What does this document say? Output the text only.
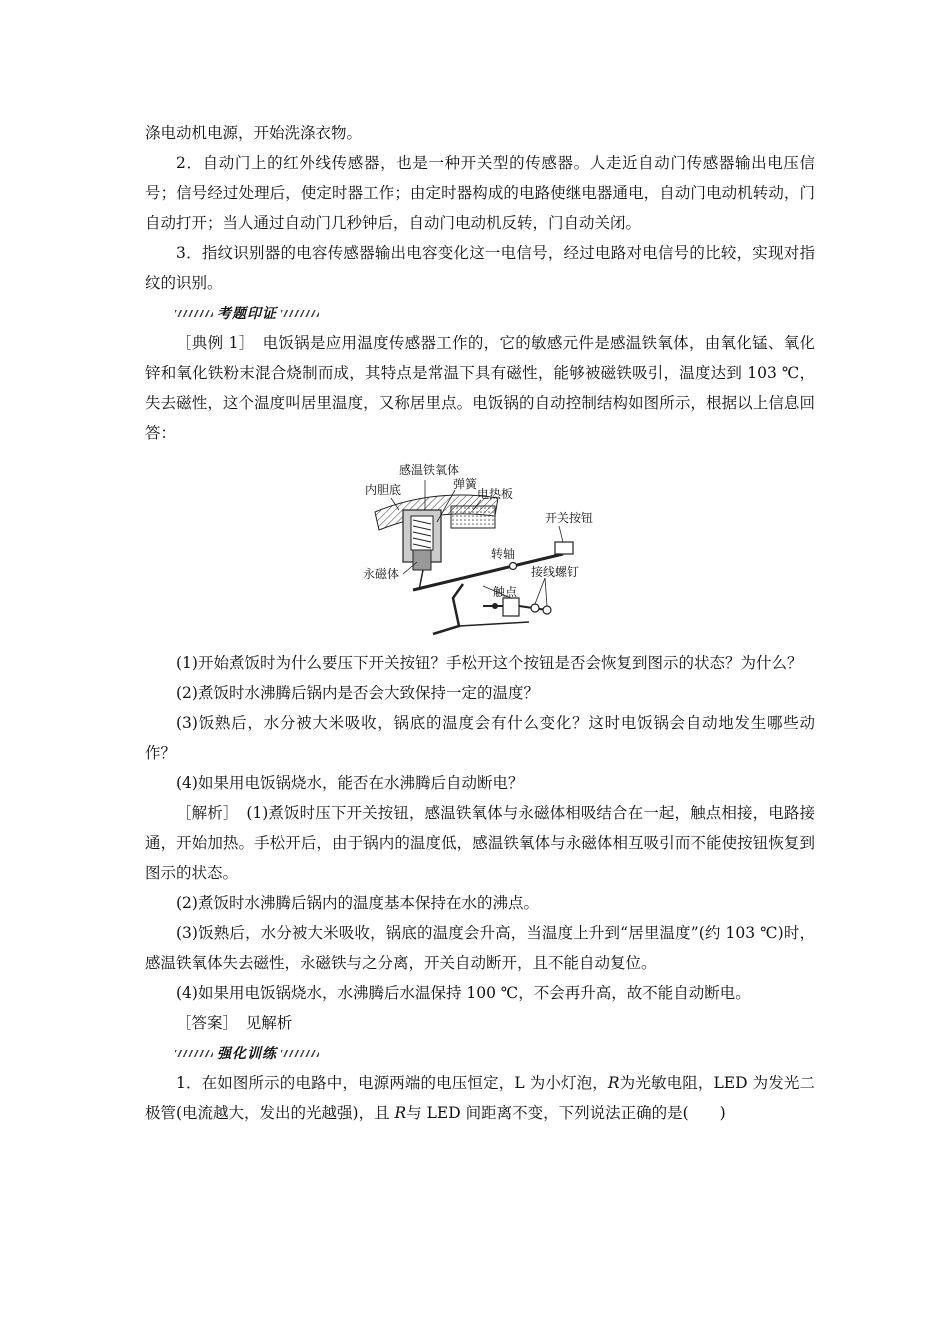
涤电动机电源，开始洗涤衣物。

2．自动门上的红外线传感器，也是一种开关型的传感器。人走近自动门传感器输出电压信号；信号经过处理后，使定时器工作；由定时器构成的电路使继电器通电，自动门电动机转动，门自动打开；当人通过自动门几秒钟后，自动门电动机反转，门自动关闭。

3．指纹识别器的电容传感器输出电容变化这一电信号，经过电路对电信号的比较，实现对指纹的识别。

考题印证

［典例 1］　电饭锅是应用温度传感器工作的，它的敏感元件是感温铁氧体，由氧化锰、氧化锌和氧化铁粉末混合烧制而成，其特点是常温下具有磁性，能够被磁铁吸引，温度达到 103 ℃，失去磁性，这个温度叫居里温度，又称居里点。电饭锅的自动控制结构如图所示，根据以上信息回答：

感温铁氧体
内胆底	弹簧
电热板
开关按钮
转轴
永磁体
触点
接线螺钉

(1)开始煮饭时为什么要压下开关按钮？手松开这个按钮是否会恢复到图示的状态？为什么？

(2)煮饭时水沸腾后锅内是否会大致保持一定的温度？

(3)饭熟后，水分被大米吸收，锅底的温度会有什么变化？这时电饭锅会自动地发生哪些动作？

(4)如果用电饭锅烧水，能否在水沸腾后自动断电？

［解析］　(1)煮饭时压下开关按钮，感温铁氧体与永磁体相吸结合在一起，触点相接，电路接通，开始加热。手松开后，由于锅内的温度低，感温铁氧体与永磁体相互吸引而不能使按钮恢复到图示的状态。

(2)煮饭时水沸腾后锅内的温度基本保持在水的沸点。

(3)饭熟后，水分被大米吸收，锅底的温度会升高，当温度上升到“居里温度”(约 103 ℃)时，感温铁氧体失去磁性，永磁铁与之分离，开关自动断开，且不能自动复位。

(4)如果用电饭锅烧水，水沸腾后水温保持 100 ℃，不会再升高，故不能自动断电。

［答案］　见解析

强化训练

1．在如图所示的电路中，电源两端的电压恒定，L 为小灯泡，R为光敏电阻，LED 为发光二极管(电流越大，发出的光越强)，且 R与 LED 间距离不变，下列说法正确的是(　　)
